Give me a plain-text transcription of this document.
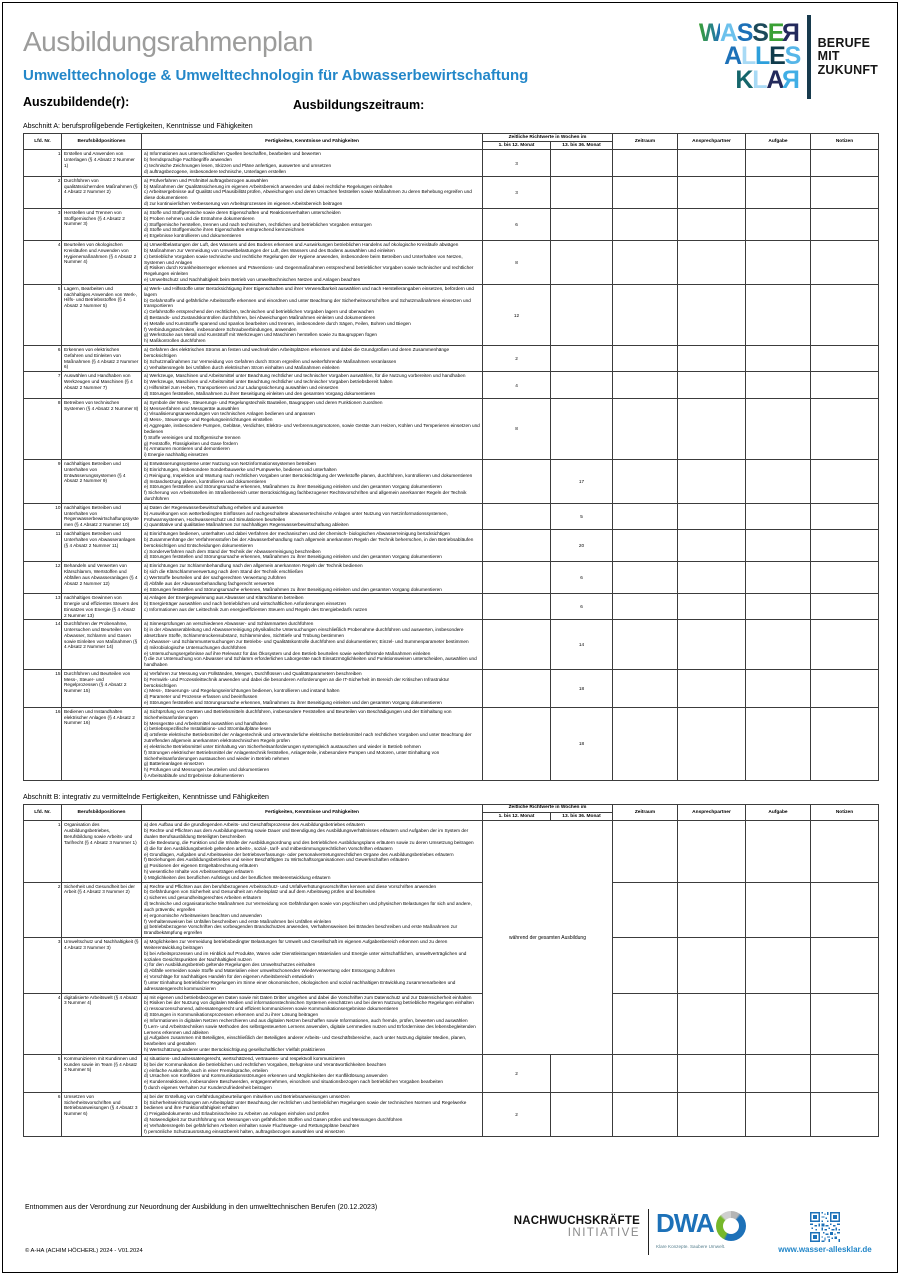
Ausbildungsrahmenplan
Umwelttechnologe & Umwelttechnologin für Abwasserbewirtschaftung
Auszubildende(r):	Ausbildungszeitraum:
WASSER
ALLES
KLAR
BERUFE
MIT
ZUKUNFT
Abschnitt A: berufsprofilgebende Fertigkeiten, Kenntnisse und Fähigkeiten
Lfd. Nr.	Berufsbildpositionen	Fertigkeiten, Kenntnisse und Fähigkeiten	Zeitliche Richtwerte in Wochen im		Zeitraum	Ansprechpartner	Aufgabe	Notizen
			1. bis 12. Monat	13. bis 36. Monat				
1	Erstellen und Anwenden von Unterlagen (§ 4 Absatz 2 Nummer 1)	a) Informationen aus unterschiedlichen Quellen beschaffen, bearbeiten und bewerten
b) fremdsprachige Fachbegriffe anwenden
c) technische Zeichnungen lesen, Skizzen und Pläne anfertigen, auswerten und umsetzen
d) auftragsbezogene, insbesondere technische, Unterlagen erstellen	3					
2	Durchführen von qualitätssichernden Maßnahmen (§ 4 Absatz 2 Nummer 2)	a) Prüfverfahren und Prüfmittel auftragsbezogen auswählen
b) Maßnahmen der Qualitätssicherung im eigenen Arbeitsbereich anwenden und dabei rechtliche Regelungen einhalten
c) Arbeitsergebnisse auf Qualität und Plausibilität prüfen, Abweichungen und deren Ursachen feststellen sowie Maßnahmen zu deren Behebung ergreifen und diese dokumentieren
d) zur kontinuierlichen Verbesserung von Arbeitsprozessen im eigenen Arbeitsbereich beitragen	3					
3	Herstellen und Trennen von Stoffgemischen (§ 4 Absatz 2 Nummer 3)	a) Stoffe und Stoffgemische sowie deren Eigenschaften und Reaktionsverhalten unterscheiden
b) Proben nehmen und die Entnahme dokumentieren
c) Stoffgemische herstellen, trennen und nach technischen, rechtlichen und betrieblichen Vorgaben entsorgen
d) Stoffe und Stoffgemische ihren Eigenschaften entsprechend kennzeichnen
e) Ergebnisse kontrollieren und dokumentieren	6					
4	Beurteilen von ökologischen Kreisläufen und Anwenden von Hygienemaßnahmen (§ 4 Absatz 2 Nummer 4)	a) Umweltbelastungen der Luft, des Wassers und des Bodens erkennen und Auswirkungen betrieblichen Handelns auf ökologische Kreisläufe abwägen
b) Maßnahmen zur Vermeidung von Umweltbelastungen der Luft, des Wassers und des Bodens auswählen und einleiten
c) betriebliche Vorgaben sowie technische und rechtliche Regelungen der Hygiene anwenden, insbesondere beim Betreiben und Unterhalten von Netzen, Systemen und Anlagen
d) Risiken durch Krankheitserreger erkennen und Präventions- und Gegenmaßnahmen entsprechend betrieblicher Vorgaben sowie technischer und rechtlicher Regelungen einleiten
e) Umweltschutz und Nachhaltigkeit beim Betrieb von umwelttechnischen Netzen und Anlagen beachten	8					
5	Lagern, Bearbeiten und nachhaltiges Anwenden von Werk-, Hilfs- und Betriebsstoffen (§ 4 Absatz 2 Nummer 5)	
a) Werk- und Hilfsstoffe unter Berücksichtigung ihrer Eigenschaften und ihrer Verwendbarkeit auswählen und nach Herstellerangaben einsetzen, befördern und lagern
b) Gefahrstoffe und gefährliche Arbeitsstoffe erkennen und einordnen und unter Beachtung der Sicherheitsvorschriften und Schutzmaßnahmen einsetzen und transportieren
c) Gefahrstoffe entsprechend den rechtlichen, technischen und betrieblichen Vorgaben lagern und überwachen
d) Bestands- und Zustandskontrollen durchführen, bei Abweichungen Maßnahmen einleiten und dokumentieren
e) Metalle und Kunststoffe spanend und spanlos bearbeiten und trennen, insbesondere durch Sägen, Feilen, Bohren und Biegen
f) Verbindungstechniken, insbesondere Schraubverbindungen, anwenden
g) Werkstücke aus Metall und Kunststoff mit Werkzeugen und Maschinen herstellen sowie zu Baugruppen fügen
h) Maßkontrollen durchführen
	12					
6	Erkennen von elektrischen Gefahren und Einleiten von Maßnahmen (§ 4 Absatz 2 Nummer 6)	a) Gefahren des elektrischen Stroms an festen und wechselnden Arbeitsplätzen erkennen und dabei die Grundgrößen und deren Zusammenhänge berücksichtigen
b) Schutzmaßnahmen zur Vermeidung von Gefahren durch Strom ergreifen und weiterführende Maßnahmen veranlassen
c) Verhaltensregeln bei Unfällen durch elektrischen Strom einhalten und Maßnahmen einleiten	2					
7	Auswählen und Handhaben von Werkzeugen und Maschinen (§ 4 Absatz 2 Nummer 7)	a) Werkzeuge, Maschinen und Arbeitsmittel unter Beachtung rechtlicher und technischer Vorgaben auswählen, für die Nutzung vorbereiten und handhaben
b) Werkzeuge, Maschinen und Arbeitsmittel unter Beachtung rechtlicher und technischer Vorgaben betriebsbereit halten
c) Hilfsmittel zum Heben, Transportieren und zur Ladungssicherung auswählen und einsetzen
d) Störungen feststellen, Maßnahmen zu ihrer Beseitigung einleiten und den gesamten Vorgang dokumentieren	4					
8	Betreiben von technischen Systemen (§ 4 Absatz 2 Nummer 8)	
a) Symbole der Mess-, Steuerungs- und Regelungstechnik Bauteilen, Baugruppen und deren Funktionen zuordnen
b) Messverfahren und Messgeräte auswählen
c) Visualisierungsanwendungen von technischen Anlagen bedienen und anpassen
d) Mess-, Steuerungs- und Regelungseinrichtungen einstellen
e) Aggregate, insbesondere Pumpen, Gebläse, Verdichter, Elektro- und Verbrennungsmotoren, sowie Geräte zum Heizen, Kühlen und Temperieren einsetzen und bedienen
f) Stoffe vereinigen und Stoffgemische trennen
g) Feststoffe, Flüssigkeiten und Gase fördern
h) Armaturen montieren und demontieren
i) Energie nachhaltig einsetzen
	8					
9	nachhaltiges Betreiben und Unterhalten von Entwässerungssystemen (§ 4 Absatz 2 Nummer 9)	
a) Entwässerungssysteme unter Nutzung von Netzinformationssystemen betreiben
b) Einrichtungen, insbesondere Sonderbauwerke und Pumpwerke, bedienen und unterhalten
c) Reinigung, Inspektion und Wartung nach rechtlichen Vorgaben unter Berücksichtigung der Werkstoffe planen, durchführen, kontrollieren und dokumentieren
d) Instandsetzung planen, kontrollieren und dokumentieren
e) Störungen feststellen und Störungsursache erkennen, Maßnahmen zu ihrer Beseitigung einleiten und den gesamten Vorgang dokumentieren
f) Sicherung von Arbeitsstellen im Straßenbereich unter Berücksichtigung fachbezogener Rechtsvorschriften und allgemein anerkannter Regeln der Technik durchführen
		17				
10	nachhaltiges Betreiben und Unterhalten von Regenwasserbewirtschaftungssystemen (§ 4 Absatz 2 Nummer 10)	a) Daten der Regenwasserbewirtschaftung erheben und auswerten
b) Auswirkungen von wetterbedingten Einflüssen auf nachgeschaltete abwassertechnische Anlagen unter Nutzung von Netzinformationssystemen, Frühwarnsystemen, Hochwasserschutz und Simulationen beurteilen
c) quantitative und qualitative Maßnahmen zur nachhaltigen Regenwasserbewirtschaftung ableiten		5				
11	nachhaltiges Betreiben und Unterhalten von Abwasseranlagen (§ 4 Absatz 2 Nummer 11)	a) Einrichtungen bedienen, unterhalten und dabei Verfahren der mechanischen und der chemisch- biologischen Abwasserreinigung berücksichtigen
b) Zusammenhänge der Verfahrensstufen bei der Abwasserbehandlung nach allgemein anerkannten Regeln der Technik beherrschen, in den Betriebsabläufen berücksichtigen und Entscheidungen dokumentieren
c) Sonderverfahren nach dem Stand der Technik der Abwasserreinigung beschreiben
d) Störungen feststellen und Störungsursache erkennen, Maßnahmen zu ihrer Beseitigung einleiten und den gesamten Vorgang dokumentieren		20				
12	Behandeln und Verwerten von Klärschlamm, Wertstoffen und Abfällen aus Abwasseranlagen (§ 4 Absatz 2 Nummer 12)	a) Einrichtungen zur Schlammbehandlung nach den allgemein anerkannten Regeln der Technik bedienen
b) sich die Klärschlammverwertung nach dem Stand der Technik erschließen
c) Wertstoffe beurteilen und der sachgerechten Verwertung zuführen
d) Abfälle aus der Abwasserbehandlung fachgerecht verwerten
e) Störungen feststellen und Störungsursache erkennen, Maßnahmen zu ihrer Beseitigung einleiten und den gesamten Vorgang dokumentieren		6				
13	nachhaltiges Gewinnen von Energie und effizientes Steuern des Einsatzes von Energie (§ 4 Absatz 2 Nummer 13)	a) Anlagen der Energiegewinnung aus Abwasser und Klärschlamm betreiben
b) Energieträger auswählen und nach betrieblichen und wirtschaftlichen Anforderungen einsetzen
c) Informationen aus der Leittechnik zum energieeffizienten Steuern und Regeln des Energiebedarfs nutzen		6				
14	Durchführen der Probenahme, Untersuchen und Beurteilen von Abwasser, Schlamm und Gasen sowie Einleiten von Maßnahmen (§ 4 Absatz 2 Nummer 14)	
a) Sinnesprüfungen an verschiedenen Abwasser- und Schlammarten durchführen
b) in der Abwasserableitung und Abwasserreinigung physikalische Untersuchungen einschließlich Probenahme durchführen und auswerten, insbesondere absetzbare Stoffe, Schlammtrockensubstanz, Schlammindex, Sichttiefe und Trübung bestimmen
c) Abwasser- und Schlammuntersuchungen zur Betriebs- und Qualitätskontrolle durchführen und dokumentieren; Einzel- und Summenparameter bestimmen
d) mikrobiologische Untersuchungen durchführen
e) Untersuchungsergebnisse auf ihre Relevanz für das Ökosystem und den Betrieb beurteilen sowie weiterführende Maßnahmen einleiten
f) die zur Untersuchung von Abwasser und Schlamm erforderlichen Laborgeräte nach Einsatzmöglichkeiten und Funktionsweisen unterscheiden, auswählen und handhaben
		14				
15	Durchführen und Beurteilen von Mess-, Steuer- und Regelprozessen (§ 4 Absatz 2 Nummer 15)	a) Verfahren zur Messung von Füllständen, Mengen, Durchflüssen und Qualitätsparametern beschreiben
b) Fernwirk- und Prozessleittechnik anwenden und dabei die besonderen Anforderungen an die IT-Sicherheit im Bereich der Kritischen Infrastruktur berücksichtigen
c) Mess-, Steuerungs- und Regelungseinrichtungen bedienen, kontrollieren und instand halten
d) Parameter und Prozesse erfassen und beeinflussen
e) Störungen feststellen und Störungsursache erkennen, Maßnahmen zu ihrer Beseitigung einleiten und den gesamten Vorgang dokumentieren		18				
16	Bedienen und Instandhalten elektrischer Anlagen (§ 4 Absatz 2 Nummer 16)	
a) Sichtprüfung von Geräten und Betriebsmitteln durchführen, insbesondere Feststellen und Beurteilen von Beschädigungen und der Einhaltung von Sicherheitsanforderungen
b) Messgeräte und Arbeitsmittel auswählen und handhaben
c) betriebsspezifische Installations- und Stromlaufpläne lesen
d) ortsfeste elektrische Betriebsmittel der Anlagentechnik und ortsveränderliche elektrische Betriebsmittel nach rechtlichen Vorgaben und unter Beachtung der zutreffenden allgemein anerkannten elektrotechnischen Regeln prüfen
e) elektrische Betriebsmittel unter Einhaltung von Sicherheitsanforderungen systemgleich austauschen und wieder in Betrieb nehmen
f) Störungen elektrischer Betriebsmittel der Anlagentechnik feststellen, Anlagenteile, insbesondere Pumpen und Motoren, unter Einhaltung von Sicherheitsanforderungen austauschen und wieder in Betrieb nehmen
g) Batterieanlagen einsetzen
h) Prüfungen und Messungen beurteilen und dokumentieren
i) Arbeitsabläufe und Ergebnisse dokumentieren
		18				
Abschnitt B: integrativ zu vermittelnde Fertigkeiten, Kenntnisse und Fähigkeiten
Lfd. Nr.	Berufsbildpositionen	Fertigkeiten, Kenntnisse und Fähigkeiten	Zeitliche Richtwerte in Wochen im		Zeitraum	Ansprechpartner	Aufgabe	Notizen
			1. bis 12. Monat	13. bis 36. Monat				
1	Organisation des Ausbildungsbetriebes, Berufsbildung sowie Arbeits- und Tarifrecht (§ 4 Absatz 3 Nummer 1)	
a) den Aufbau und die grundlegenden Arbeits- und Geschäftsprozesse des Ausbildungsbetriebes erläutern
b) Rechte und Pflichten aus dem Ausbildungsvertrag sowie Dauer und Beendigung des Ausbildungsverhältnisses erläutern und Aufgaben der im System der dualen Berufsausbildung Beteiligten beschreiben
c) die Bedeutung, die Funktion und die Inhalte der Ausbildungsordnung und des betrieblichen Ausbildungsplans erläutern sowie zu deren Umsetzung beitragen
d) die für den Ausbildungsbetrieb geltenden arbeits-, sozial-, tarif- und mitbestimmungsrechtlichen Vorschriften erläutern
e) Grundlagen, Aufgaben und Arbeitsweise der betriebsverfassungs- oder personalvertretungsrechtlichen Organe des Ausbildungsbetriebes erläutern
f) Beziehungen des Ausbildungsbetriebes und seiner Beschäftigten zu Wirtschaftsorganisationen und Gewerkschaften erläutern
g) Positionen der eigenen Entgeltabrechnung erläutern
h) wesentliche Inhalte von Arbeitsverträgen erläutern
i) Möglichkeiten des beruflichen Aufstiegs und der beruflichen Weiterentwicklung erläutern
	während der gesamten Ausbildung				
2	Sicherheit und Gesundheit bei der Arbeit (§ 4 Absatz 3 Nummer 2)	
a) Rechte und Pflichten aus den berufsbezogenen Arbeitsschutz- und Unfallverhütungsvorschriften kennen und diese Vorschriften anwenden
b) Gefährdungen von Sicherheit und Gesundheit am Arbeitsplatz und auf dem Arbeitsweg prüfen und beurteilen
c) sicheres und gesundheitsgerechtes Arbeiten erläutern
d) technische und organisatorische Maßnahmen zur Vermeidung von Gefährdungen sowie von psychischen und physischen Belastungen für sich und andere, auch präventiv, ergreifen
e) ergonomische Arbeitsweisen beachten und anwenden
f) Verhaltensweisen bei Unfällen beschreiben und erste Maßnahmen bei Unfällen einleiten
g) betriebsbezogene Vorschriften des vorbeugenden Brandschutzes anwenden, Verhaltensweisen bei Bränden beschreiben und erste Maßnahmen zur Brandbekämpfung ergreifen

3	Umweltschutz und Nachhaltigkeit (§ 4 Absatz 3 Nummer 3)	
a) Möglichkeiten zur Vermeidung betriebsbedingter Belastungen für Umwelt und Gesellschaft im eigenen Aufgabenbereich erkennen und zu deren Weiterentwicklung beitragen
b) bei Arbeitsprozessen und im Hinblick auf Produkte, Waren oder Dienstleistungen Materialien und Energie unter wirtschaftlichen, umweltverträglichen und sozialen Gesichtspunkten der Nachhaltigkeit nutzen
c) für den Ausbildungsbetrieb geltende Regelungen des Umweltschutzes einhalten
d) Abfälle vermeiden sowie Stoffe und Materialien einer umweltschonenden Wiederverwertung oder Entsorgung zuführen
e) Vorschläge für nachhaltiges Handeln für den eigenen Arbeitsbereich entwickeln
f) unter Einhaltung betrieblicher Regelungen im Sinne einer ökonomischen, ökologischen und sozial nachhaltigen Entwicklung zusammenarbeiten und adressatengerecht kommunizieren

4	digitalisierte Arbeitswelt (§ 4 Absatz 3 Nummer 4)	
a) mit eigenen und betriebsbezogenen Daten sowie mit Daten Dritter umgehen und dabei die Vorschriften zum Datenschutz und zur Datensicherheit einhalten
b) Risiken bei der Nutzung von digitalen Medien und informationstechnischen Systemen einschätzen und bei deren Nutzung betriebliche Regelungen einhalten
c) ressourcenschonend, adressatengerecht und effizient kommunizieren sowie Kommunikationsergebnisse dokumentieren
d) Störungen in Kommunikationsprozessen erkennen und zu ihrer Lösung beitragen
e) Informationen in digitalen Netzen recherchieren und aus digitalen Netzen beschaffen sowie Informationen, auch fremde, prüfen, bewerten und auswählen
f) Lern- und Arbeitstechniken sowie Methoden des selbstgesteuerten Lernens anwenden, digitale Lernmedien nutzen und Erfordernisse des lebensbegleitenden Lernens erkennen und ableiten
g) Aufgaben zusammen mit Beteiligten, einschließlich der Beteiligten anderer Arbeits- und Geschäftsbereiche, auch unter Nutzung digitaler Medien, planen, bearbeiten und gestalten
h) Wertschätzung anderer unter Berücksichtigung gesellschaftlicher Vielfalt praktizieren

5	Kommunizieren mit Kundinnen und Kunden sowie im Team (§ 4 Absatz 3 Nummer 5)	
a) situations- und adressatengerecht, wertschätzend, vertrauens- und respektvoll kommunizieren
b) bei der Kommunikation die betrieblichen und rechtlichen Vorgaben, Befugnisse und Verantwortlichkeiten beachten
c) einfache Auskünfte, auch in einer Fremdsprache, erteilen
d) Ursachen von Konflikten und Kommunikationsstörungen erkennen und Möglichkeiten der Konfliktlösung anwenden
e) Kundenreaktionen, insbesondere Beschwerden, entgegennehmen, einordnen und situationsbezogen nach betrieblichen Vorgaben bearbeiten
f) durch eigenes Verhalten zur Kundenzufriedenheit beitragen
	2					
6	Umsetzen von Sicherheitsvorschriften und Betriebsanweisungen (§ 4 Absatz 3 Nummer 6)	
a) bei der Erstellung von Gefährdungsbeurteilungen mitwirken und Betriebsanweisungen umsetzen
b) Sicherheitseinrichtungen am Arbeitsplatz unter Beachtung der rechtlichen und betrieblichen Regelungen sowie der technischen Normen und Regelwerke bedienen und ihre Funktionsfähigkeit erhalten
c) Freigabedokumente und Erlaubnisscheine zu Arbeiten an Anlagen einholen und prüfen
d) Notwendigkeit zur Durchführung von Messungen von gefährlichen Stoffen und Gasen prüfen und Messungen durchführen
e) Verhaltensregeln bei gefährlichen Arbeiten einhalten sowie Fluchtwege- und Rettungspläne beachten
f) persönliche Schutzausrüstung einsatzbereit halten, auftragsbezogen auswählen und einsetzen
	2					
Entnommen aus der Verordnung zur Neuordnung der Ausbildung in den umwelttechnischen Berufen (20.12.2023)
© A-HA (ACHIM HÖCHERL) 2024 - V01.2024
NACHWUCHSKRÄFTE
INITIATIVE DWA
Klare Konzepte. Saubere Umwelt.	www.wasser-allesklar.de
